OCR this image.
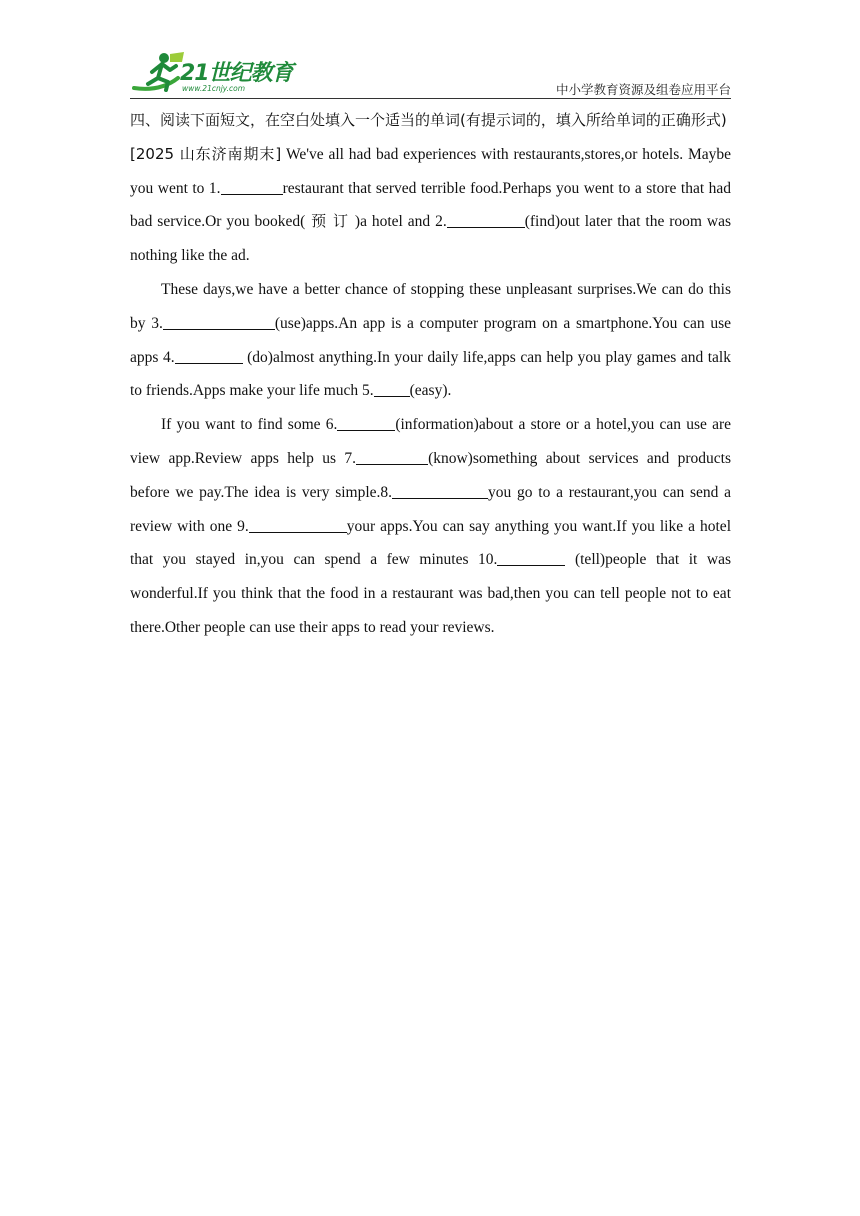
21世纪教育
www.21cnjy.com	中小学教育资源及组卷应用平台

四、阅读下面短文，在空白处填入一个适当的单词(有提示词的，填入所给单词的正确形式)

[2025 山东济南期末] We've all had bad experiences with restaurants,stores,or hotels. Maybe you went to 1.	restaurant that served terrible food.Perhaps you went to a store that had bad service.Or you booked( 预 订 )a hotel and 2.	(find)out later that the room was nothing like the ad.

These days,we have a better chance of stopping these unpleasant surprises.We can do this by 3.	(use)apps.An app is a computer program on a smartphone.You can use apps 4.	(do)almost anything.In your daily life,apps can help you play games and talk to friends.Apps make your life much 5. (easy).

If you want to find some 6.	(information)about a store or a hotel,you can use are view app.Review apps help us 7.	(know)something about services and products before we pay.The idea is very simple.8.	you go to a restaurant,you can send a review with one 9.	your apps.You can say anything you want.If you like a hotel that you stayed in,you can spend a few minutes 10.	(tell)people that it was wonderful.If you think that the food in a restaurant was bad,then you can tell people not to eat there.Other people can use their apps to read your reviews.
